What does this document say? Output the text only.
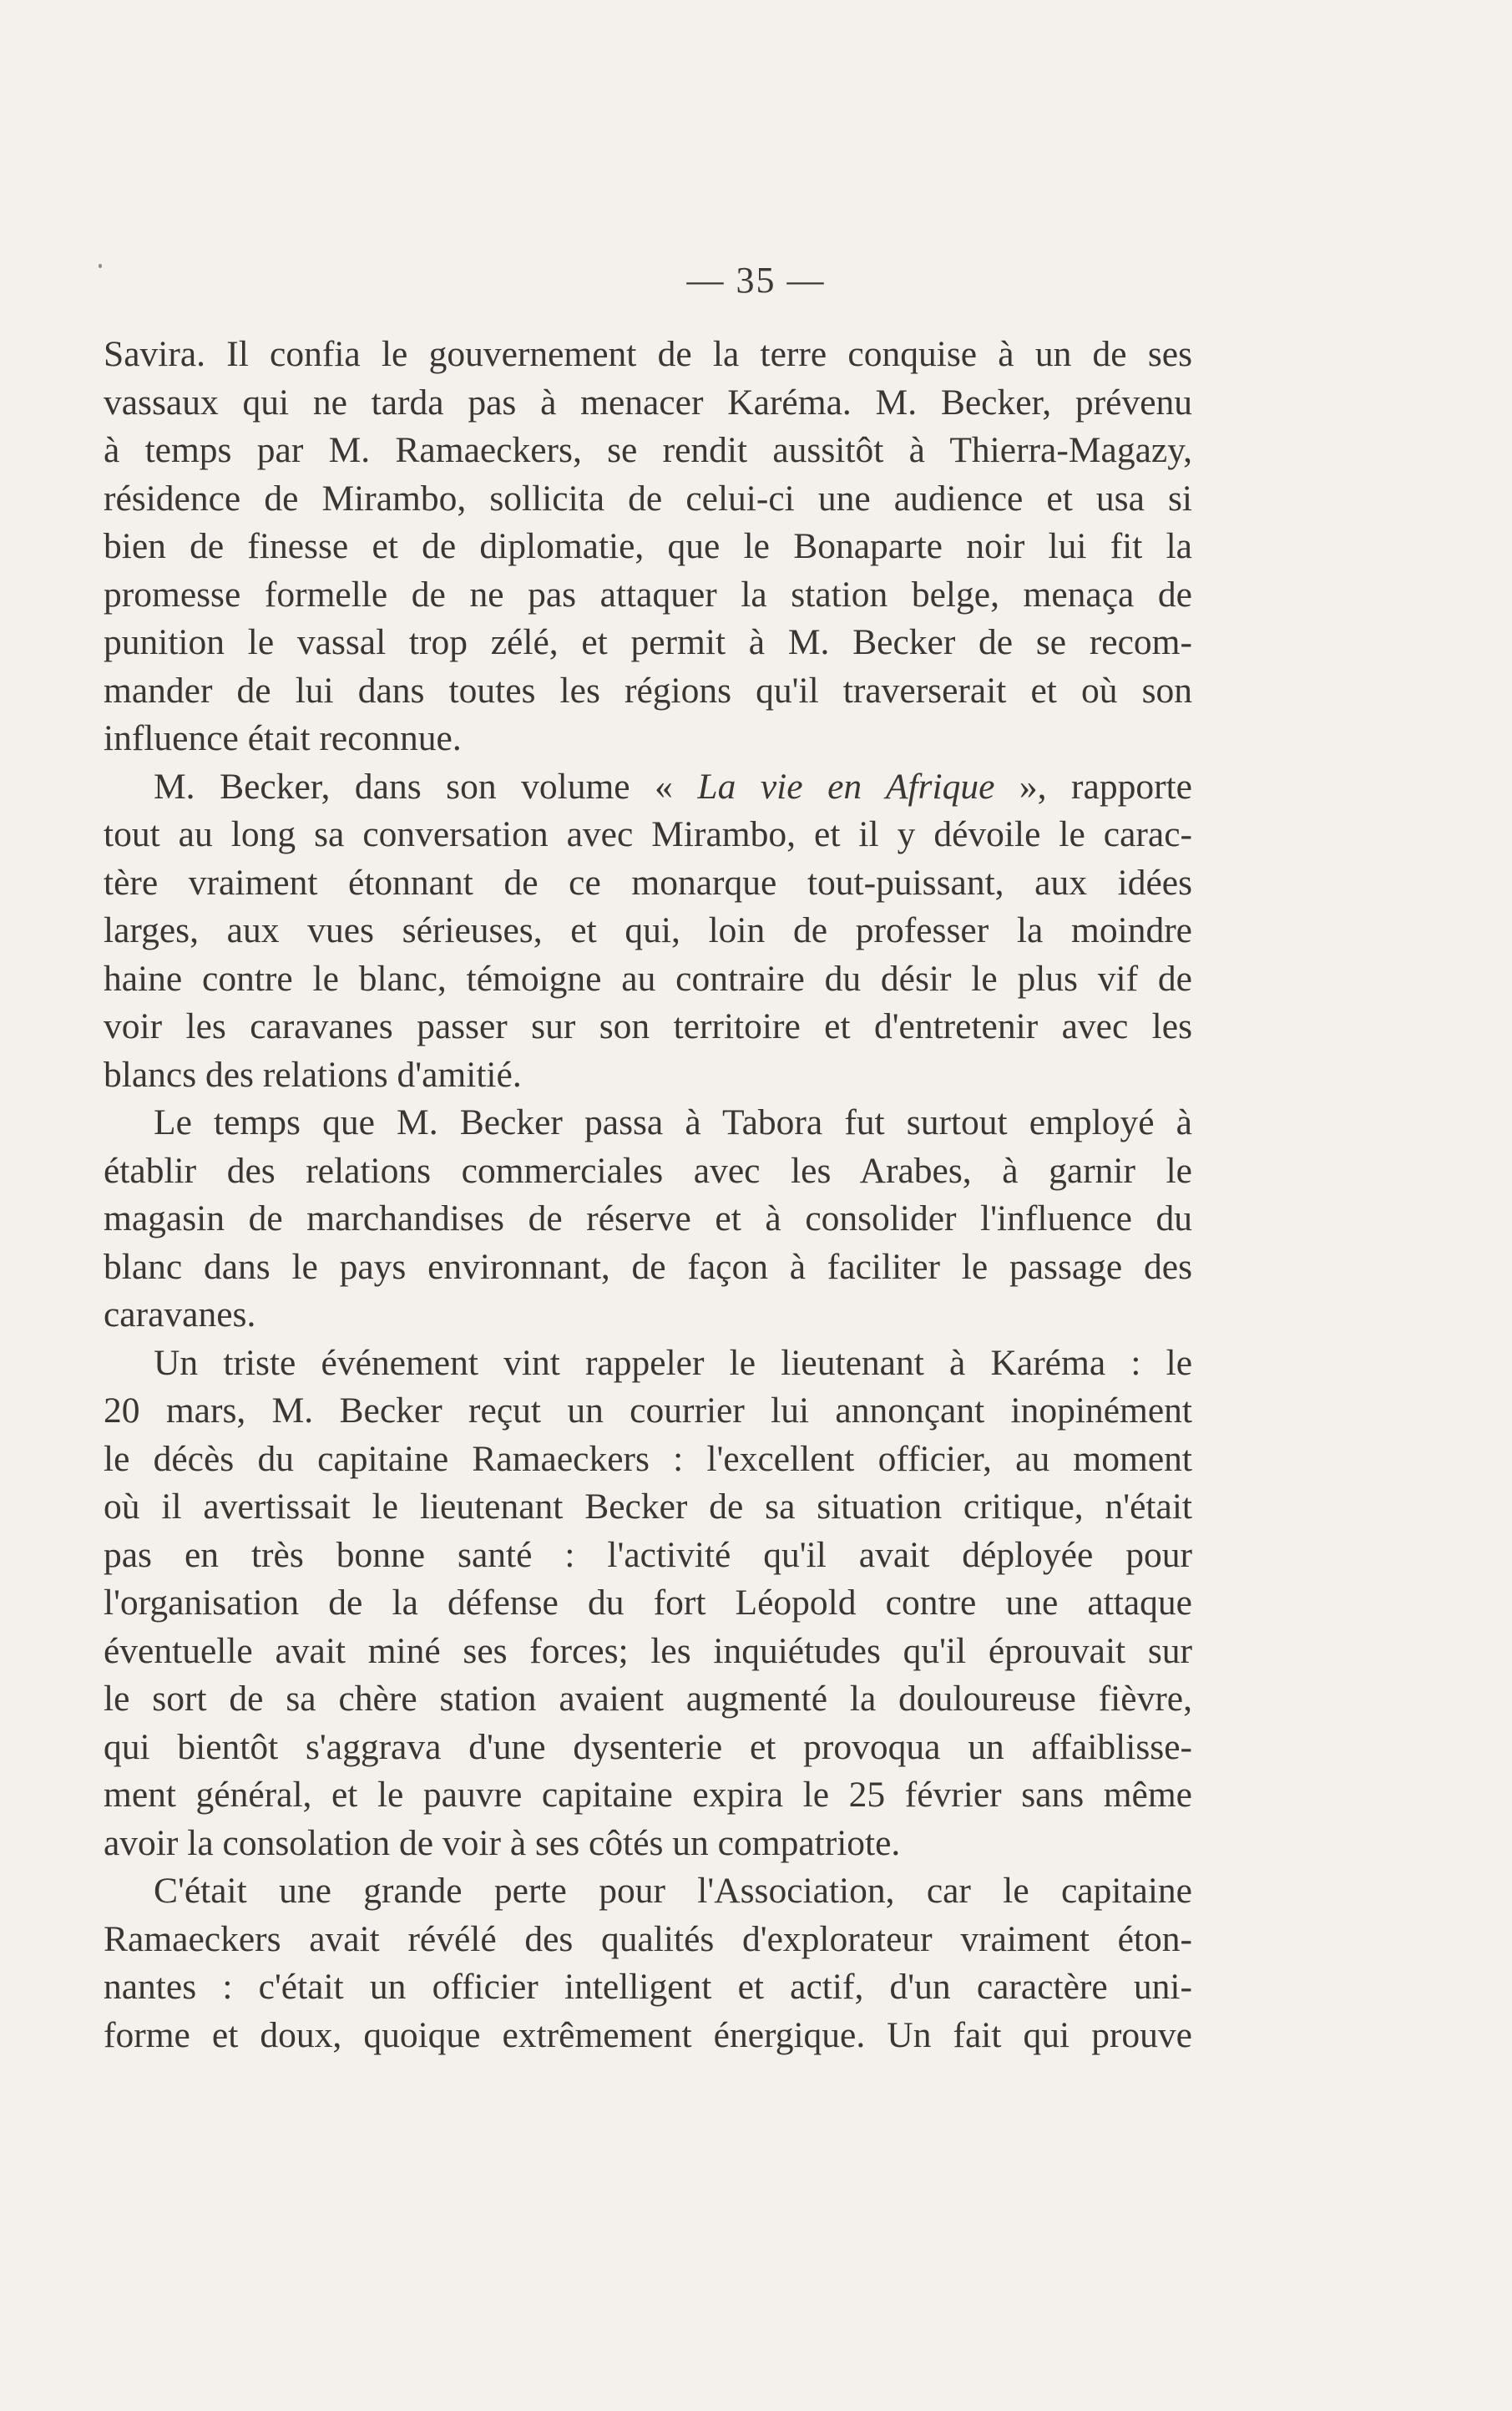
— 35 —
Savira. Il confia le gouvernement de la terre conquise à un de ses
vassaux qui ne tarda pas à menacer Karéma. M. Becker, prévenu
à temps par M. Ramaeckers, se rendit aussitôt à Thierra-Magazy,
résidence de Mirambo, sollicita de celui-ci une audience et usa si
bien de finesse et de diplomatie, que le Bonaparte noir lui fit la
promesse formelle de ne pas attaquer la station belge, menaça de
punition le vassal trop zélé, et permit à M. Becker de se recom-
mander de lui dans toutes les régions qu'il traverserait et où son
influence était reconnue.
M. Becker, dans son volume « La vie en Afrique », rapporte
tout au long sa conversation avec Mirambo, et il y dévoile le carac-
tère vraiment étonnant de ce monarque tout-puissant, aux idées
larges, aux vues sérieuses, et qui, loin de professer la moindre
haine contre le blanc, témoigne au contraire du désir le plus vif de
voir les caravanes passer sur son territoire et d'entretenir avec les
blancs des relations d'amitié.
Le temps que M. Becker passa à Tabora fut surtout employé à
établir des relations commerciales avec les Arabes, à garnir le
magasin de marchandises de réserve et à consolider l'influence du
blanc dans le pays environnant, de façon à faciliter le passage des
caravanes.
Un triste événement vint rappeler le lieutenant à Karéma : le
20 mars, M. Becker reçut un courrier lui annonçant inopinément
le décès du capitaine Ramaeckers : l'excellent officier, au moment
où il avertissait le lieutenant Becker de sa situation critique, n'était
pas en très bonne santé : l'activité qu'il avait déployée pour
l'organisation de la défense du fort Léopold contre une attaque
éventuelle avait miné ses forces; les inquiétudes qu'il éprouvait sur
le sort de sa chère station avaient augmenté la douloureuse fièvre,
qui bientôt s'aggrava d'une dysenterie et provoqua un affaiblisse-
ment général, et le pauvre capitaine expira le 25 février sans même
avoir la consolation de voir à ses côtés un compatriote.
C'était une grande perte pour l'Association, car le capitaine
Ramaeckers avait révélé des qualités d'explorateur vraiment éton-
nantes : c'était un officier intelligent et actif, d'un caractère uni-
forme et doux, quoique extrêmement énergique. Un fait qui prouve
